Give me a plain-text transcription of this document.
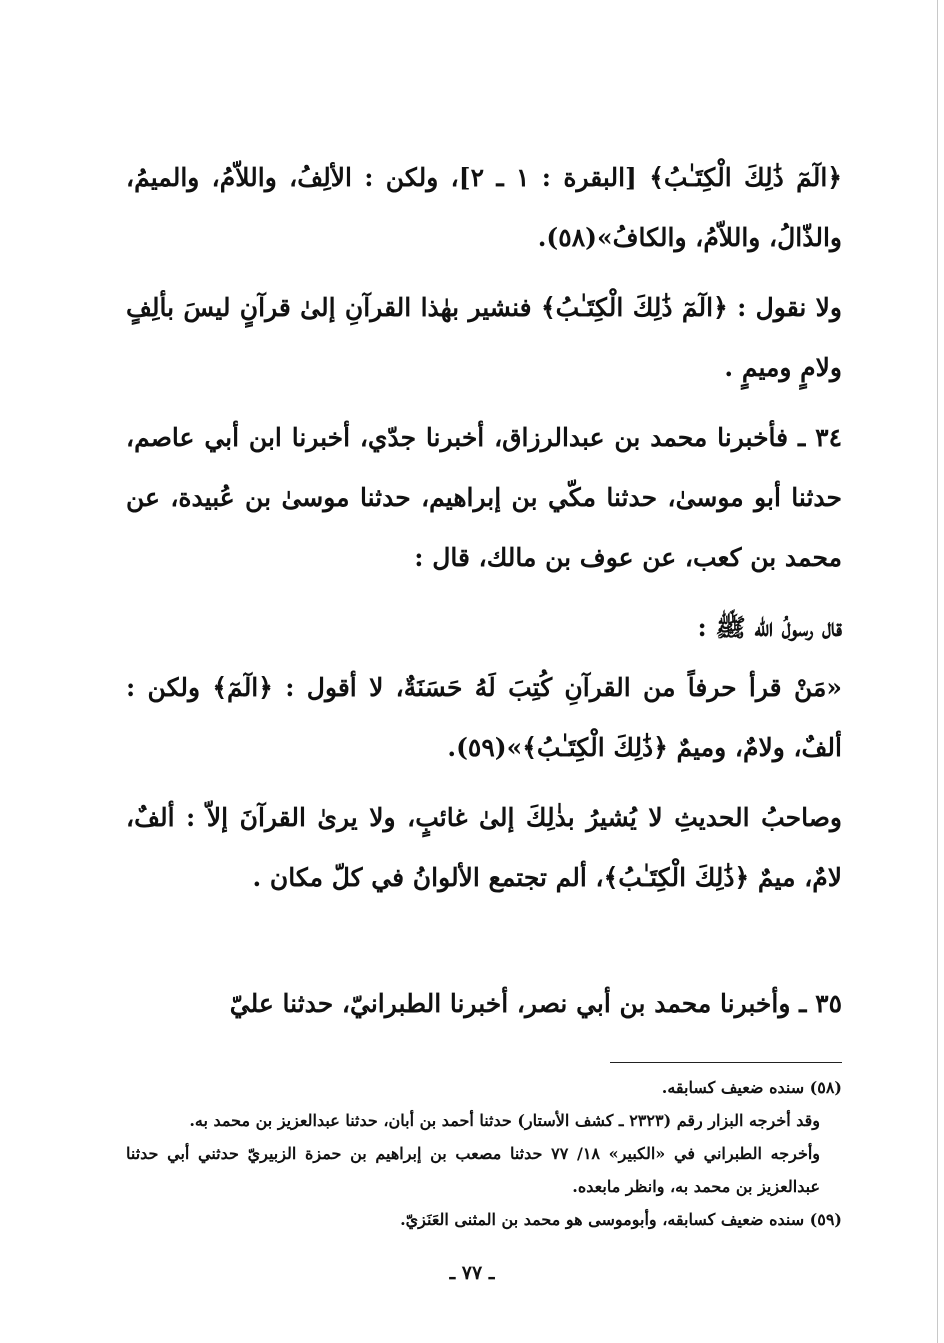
﴿الٓمٓ ذَٰلِكَ الْكِتَـٰبُ﴾ [البقرة : ١ ـ ٢]، ولكن : الألِفُ، واللاّمُ، والميمُ، والذّالُ، واللاّمُ، والكافُ»(٥٨).

ولا نقول : ﴿الٓمٓ ذَٰلِكَ الْكِتَـٰبُ﴾ فنشير بهٰذا القرآنِ إلىٰ قرآنٍ ليسَ بألِفٍ ولامٍ وميمٍ .

٣٤ ـ فأخبرنا محمد بن عبدالرزاق، أخبرنا جدّي، أخبرنا ابن أبي عاصم، حدثنا أبو موسىٰ، حدثنا مكّي بن إبراهيم، حدثنا موسىٰ بن عُبيدة، عن محمد بن كعب، عن عوف بن مالك، قال :

قال رسولُ الله ﷺ :

«مَنْ قرأ حرفاً من القرآنِ كُتِبَ لَهُ حَسَنَةٌ، لا أقول : ﴿الٓمٓ﴾ ولكن : ألفٌ، ولامٌ، وميمٌ ﴿ذَٰلِكَ الْكِتَـٰبُ﴾»(٥٩).

وصاحبُ الحديثِ لا يُشيرُ بذٰلِكَ إلىٰ غائبٍ، ولا يرىٰ القرآنَ إلاّ : ألفٌ، لامٌ، ميمٌ ﴿ذَٰلِكَ الْكِتَـٰبُ﴾، ألم تجتمع الألوانُ في كلّ مكان .

٣٥ ـ وأخبرنا محمد بن أبي نصر، أخبرنا الطبرانيّ، حدثنا عليّ

(٥٨) سنده ضعيف كسابقه.

وقد أخرجه البزار رقم (٢٣٢٣ ـ كشف الأستار) حدثنا أحمد بن أبان، حدثنا عبدالعزيز بن محمد به.

وأخرجه الطبراني في «الكبير» ١٨/ ٧٧ حدثنا مصعب بن إبراهيم بن حمزة الزبيريّ حدثني أبي حدثنا عبدالعزيز بن محمد به، وانظر مابعده.

(٥٩) سنده ضعيف كسابقه، وأبوموسى هو محمد بن المثنى العَنَزيّ.

ـ ٧٧ ـ
